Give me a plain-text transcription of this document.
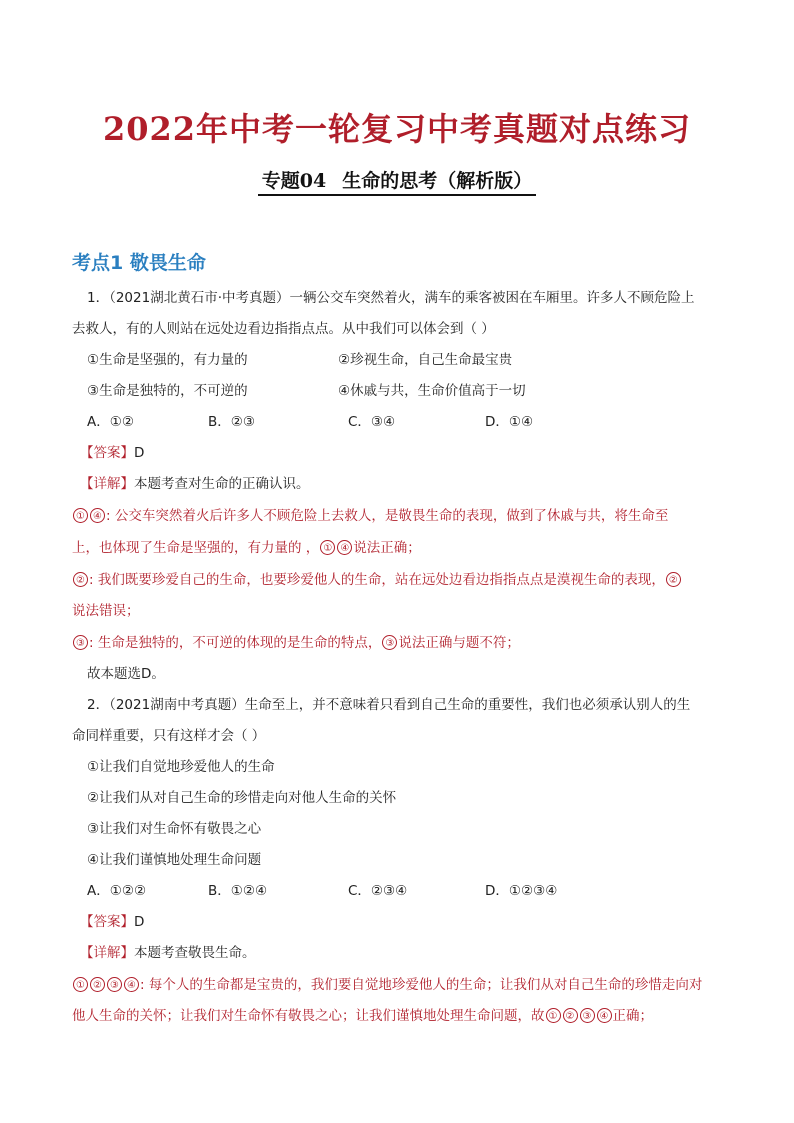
2022年中考一轮复习中考真题对点练习
专题04 生命的思考（解析版）
考点1 敬畏生命
1．（2021湖北黄石市·中考真题）一辆公交车突然着火，满车的乘客被困在车厢里。许多人不顾危险上
去救人，有的人则站在远处边看边指指点点。从中我们可以体会到（ ）
①生命是坚强的，有力量的	②珍视生命，自己生命最宝贵
③生命是独特的，不可逆的	④休戚与共，生命价值高于一切
A．①②	B．②③	C．③④	D．①④
【答案】D
【详解】本题考查对生命的正确认识。
① ④ : 公交车突然着火后许多人不顾危险上去救人，是敬畏生命的表现，做到了休戚与共，将生命至
上，也体现了生命是坚强的，有力量的 ， ① ④ 说法正确；
② : 我们既要珍爱自己的生命，也要珍爱他人的生命，站在远处边看边指指点点是漠视生命的表现， ②
说法错误；
③ : 生命是独特的，不可逆的体现的是生命的特点， ③ 说法正确与题不符；
故本题选D。
2．（2021湖南中考真题）生命至上，并不意味着只看到自己生命的重要性，我们也必须承认别人的生
命同样重要，只有这样才会（ ）
①让我们自觉地珍爱他人的生命
②让我们从对自己生命的珍惜走向对他人生命的关怀
③让我们对生命怀有敬畏之心
④让我们谨慎地处理生命问题
A．①②②	B．①②④	C．②③④	D．①②③④
【答案】D
【详解】本题考查敬畏生命。
① ② ③ ④ : 每个人的生命都是宝贵的，我们要自觉地珍爱他人的生命；让我们从对自己生命的珍惜走向对
他人生命的关怀；让我们对生命怀有敬畏之心；让我们谨慎地处理生命问题，故 ① ② ③ ④ 正确；
